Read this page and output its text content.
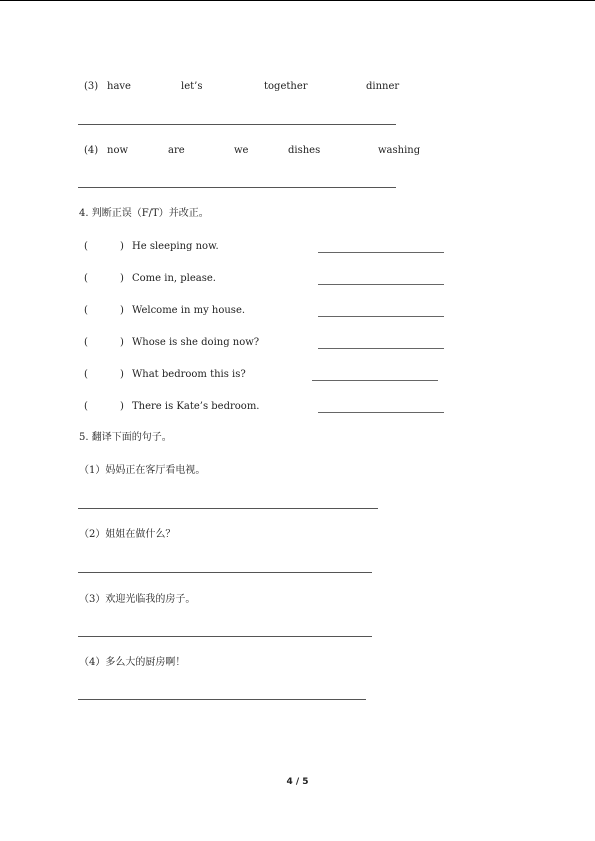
(3) have	let’s	together	dinner
(4) now	are	we	dishes	washing
4. 判断正误（F/T）并改正。
(	) He sleeping now.
(	) Come in, please.
(	) Welcome in my house.
(	) Whose is she doing now?
(	) What bedroom this is?
(	) There is Kate’s bedroom.
5. 翻译下面的句子。
（1）妈妈正在客厅看电视。
（2）姐姐在做什么？
（3）欢迎光临我的房子。
（4）多么大的厨房啊！
4 / 5
